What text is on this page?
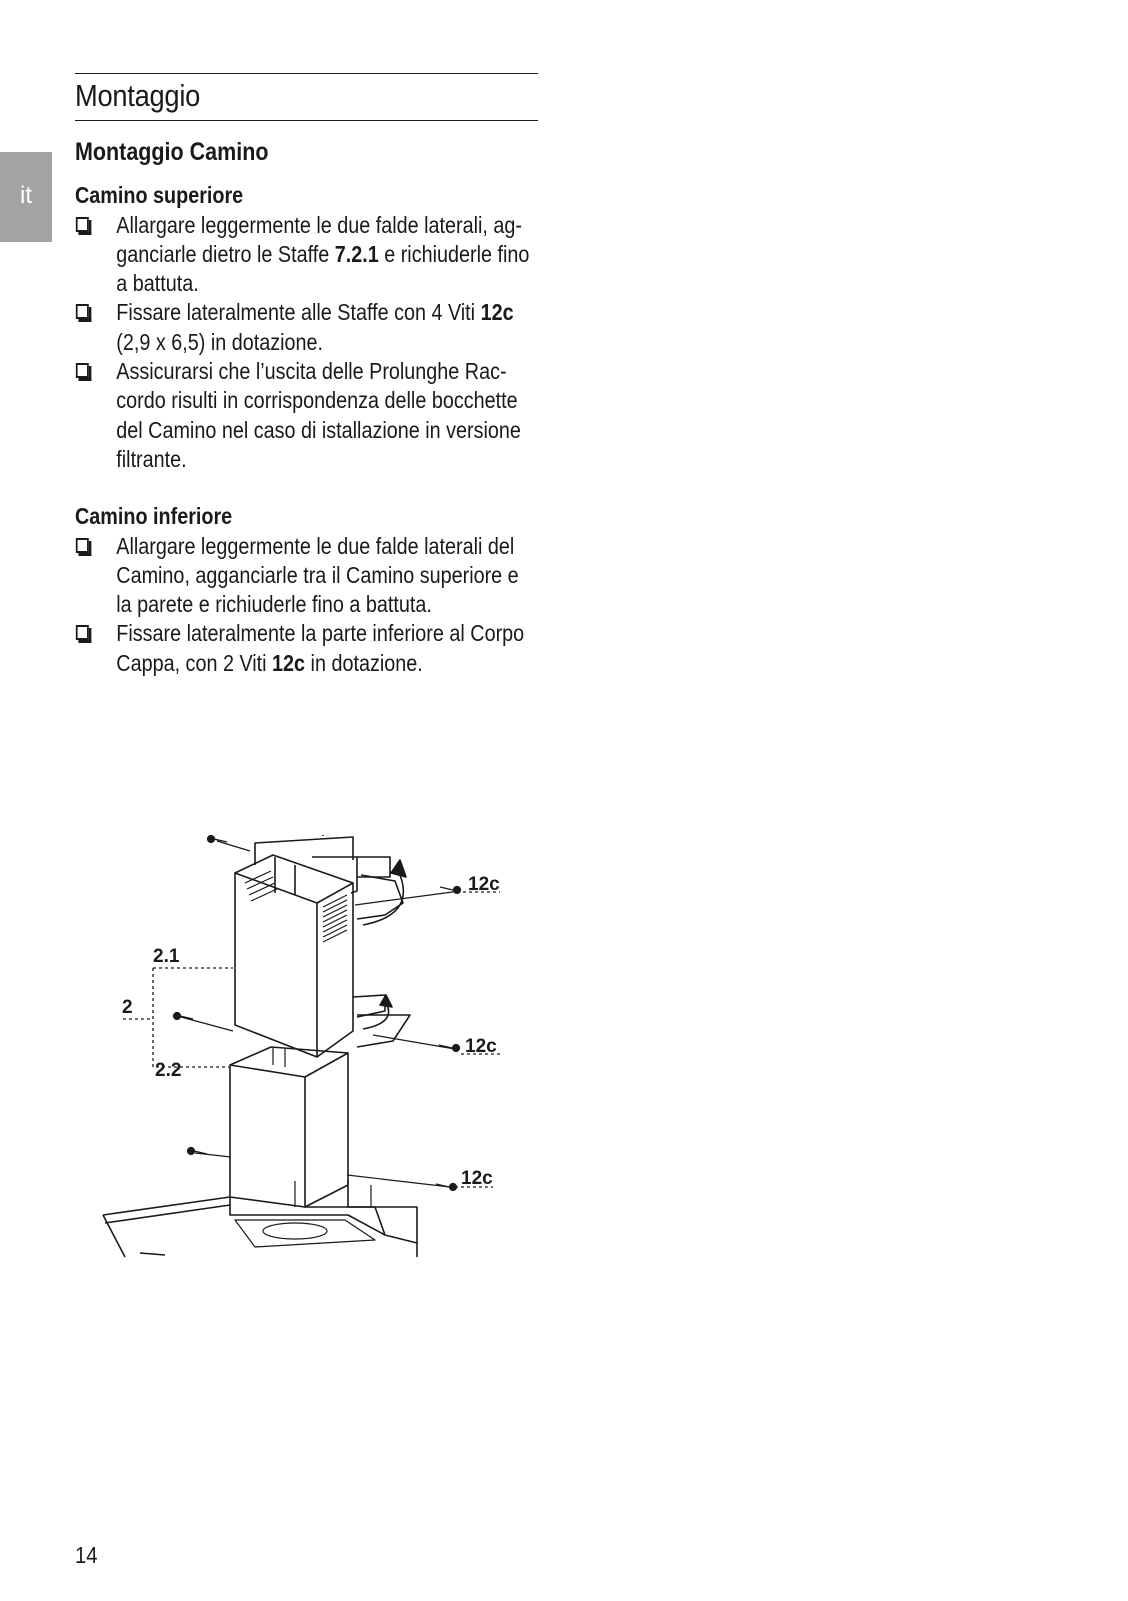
it
Montaggio
Montaggio Camino
Camino superiore
Allargare leggermente le due falde laterali, ag-ganciarle dietro le Staffe 7.2.1 e richiuderle fino a battuta.
Fissare lateralmente alle Staffe con 4 Viti 12c (2,9 x 6,5) in dotazione.
Assicurarsi che l’uscita delle Prolunghe Rac-cordo risulti in corrispondenza delle bocchette del Camino nel caso di istallazione in versione filtrante.
Camino inferiore
Allargare leggermente le due falde laterali del Camino, agganciarle tra il Camino superiore e la parete e richiuderle fino a battuta.
Fissare lateralmente la parte inferiore al Corpo Cappa, con 2 Viti 12c in dotazione.
2.1
2
2.2
12c
12c
12c
14
